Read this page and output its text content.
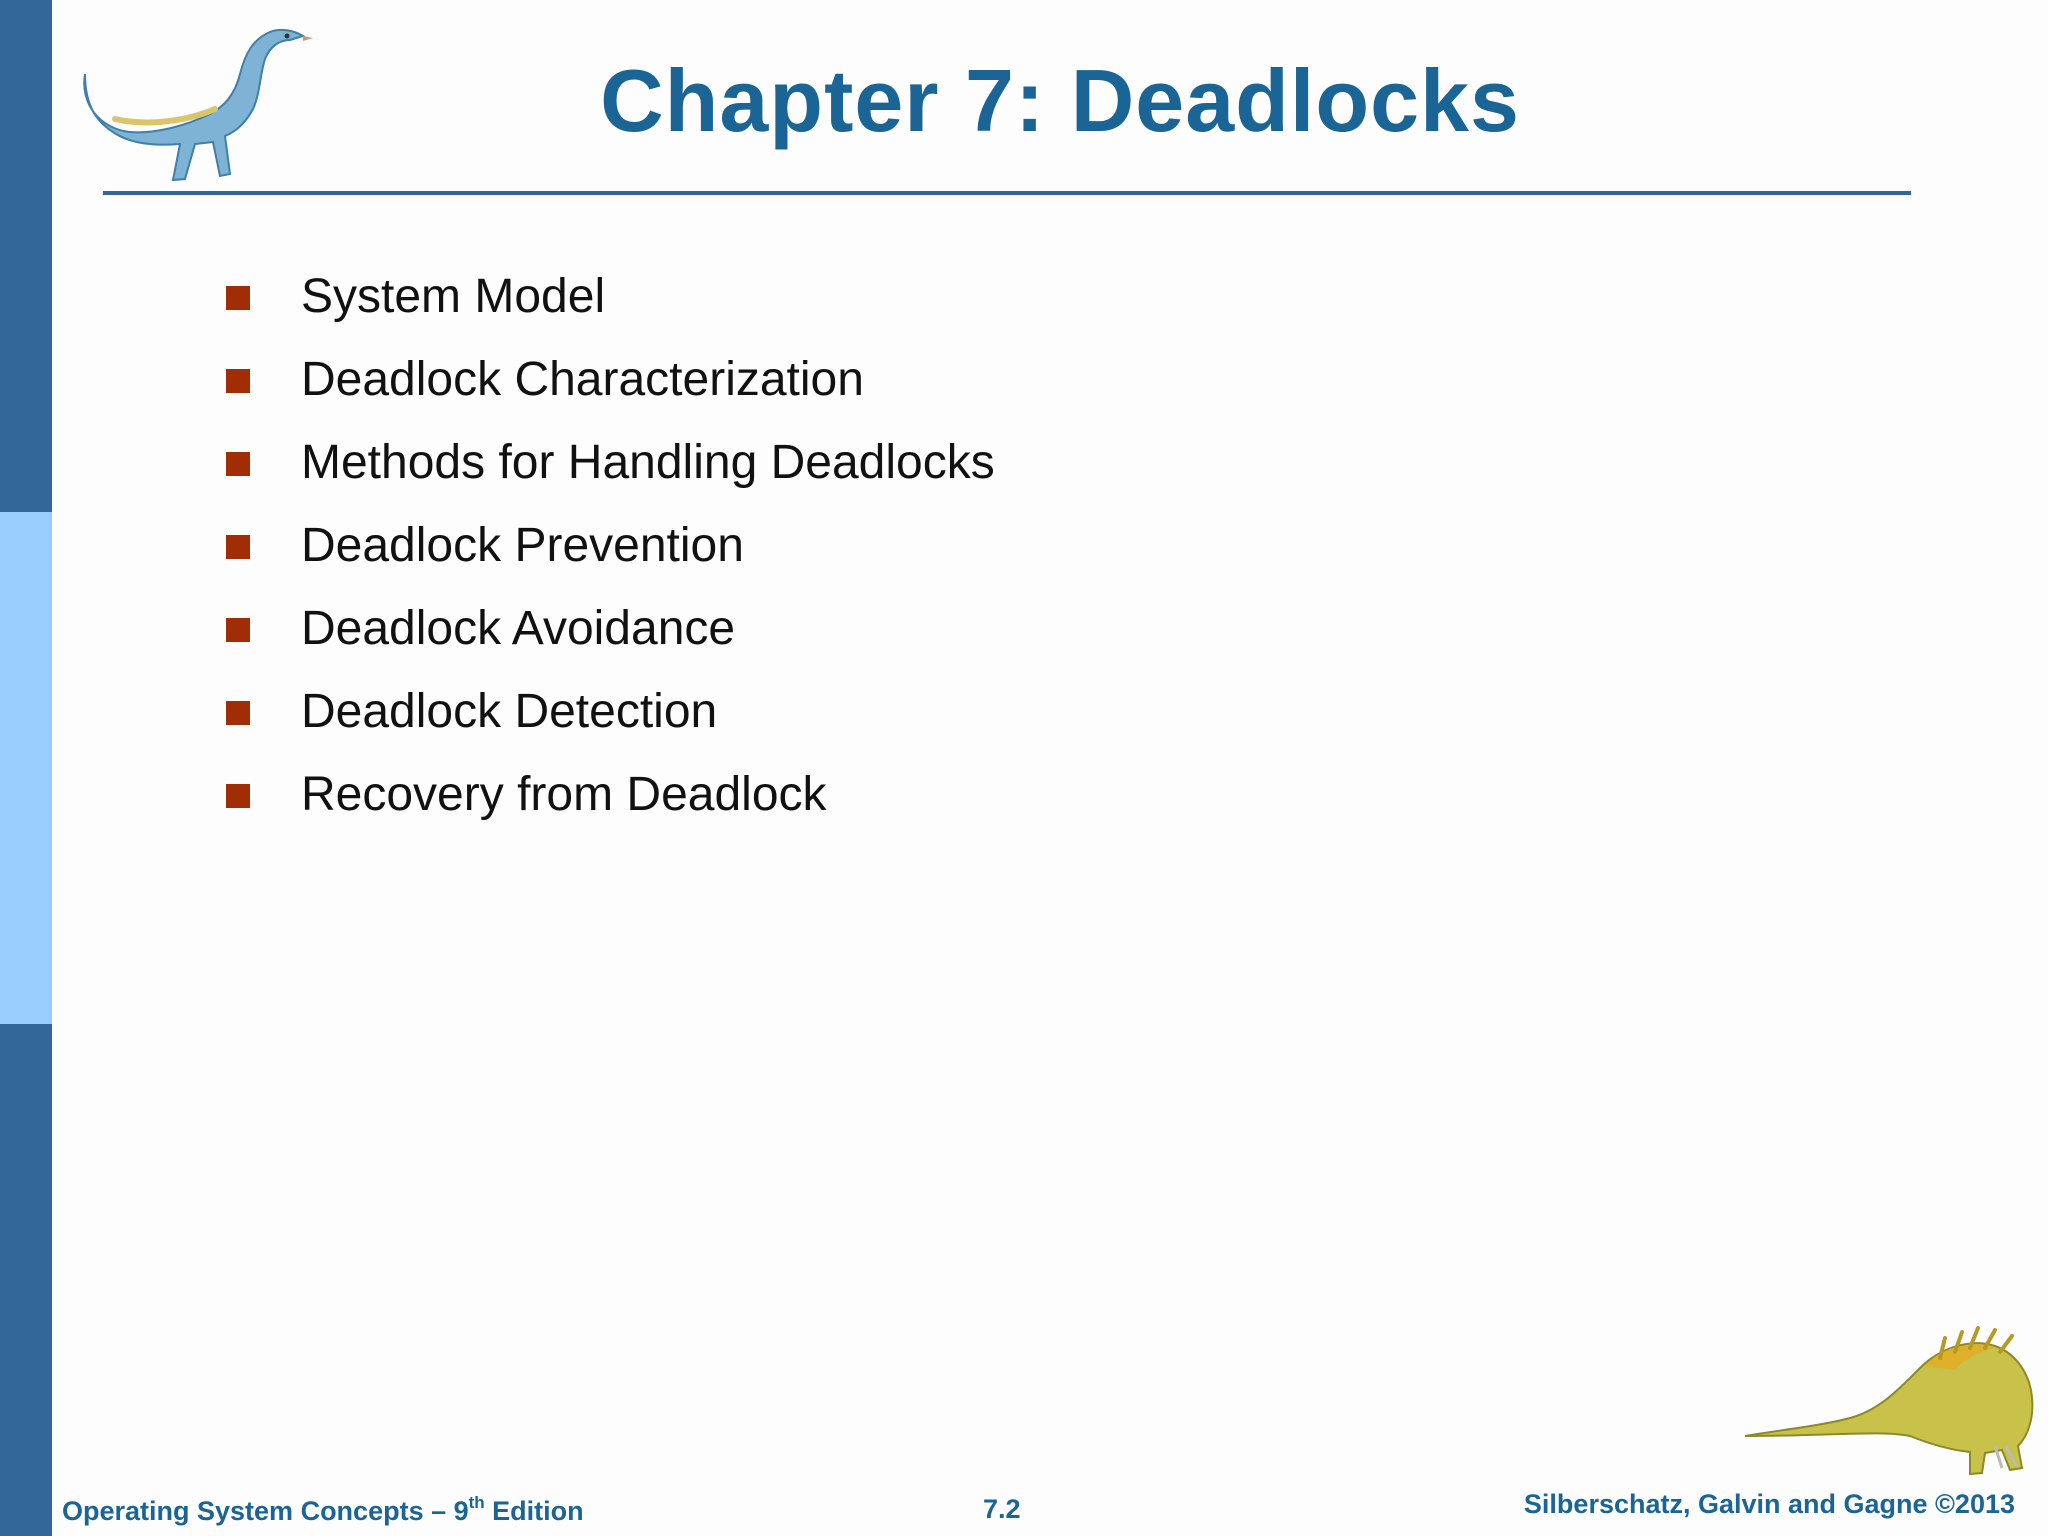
Chapter 7: Deadlocks
System Model
Deadlock Characterization
Methods for Handling Deadlocks
Deadlock Prevention
Deadlock Avoidance
Deadlock Detection
Recovery from Deadlock
Operating System Concepts – 9th Edition	7.2	Silberschatz, Galvin and Gagne ©2013
